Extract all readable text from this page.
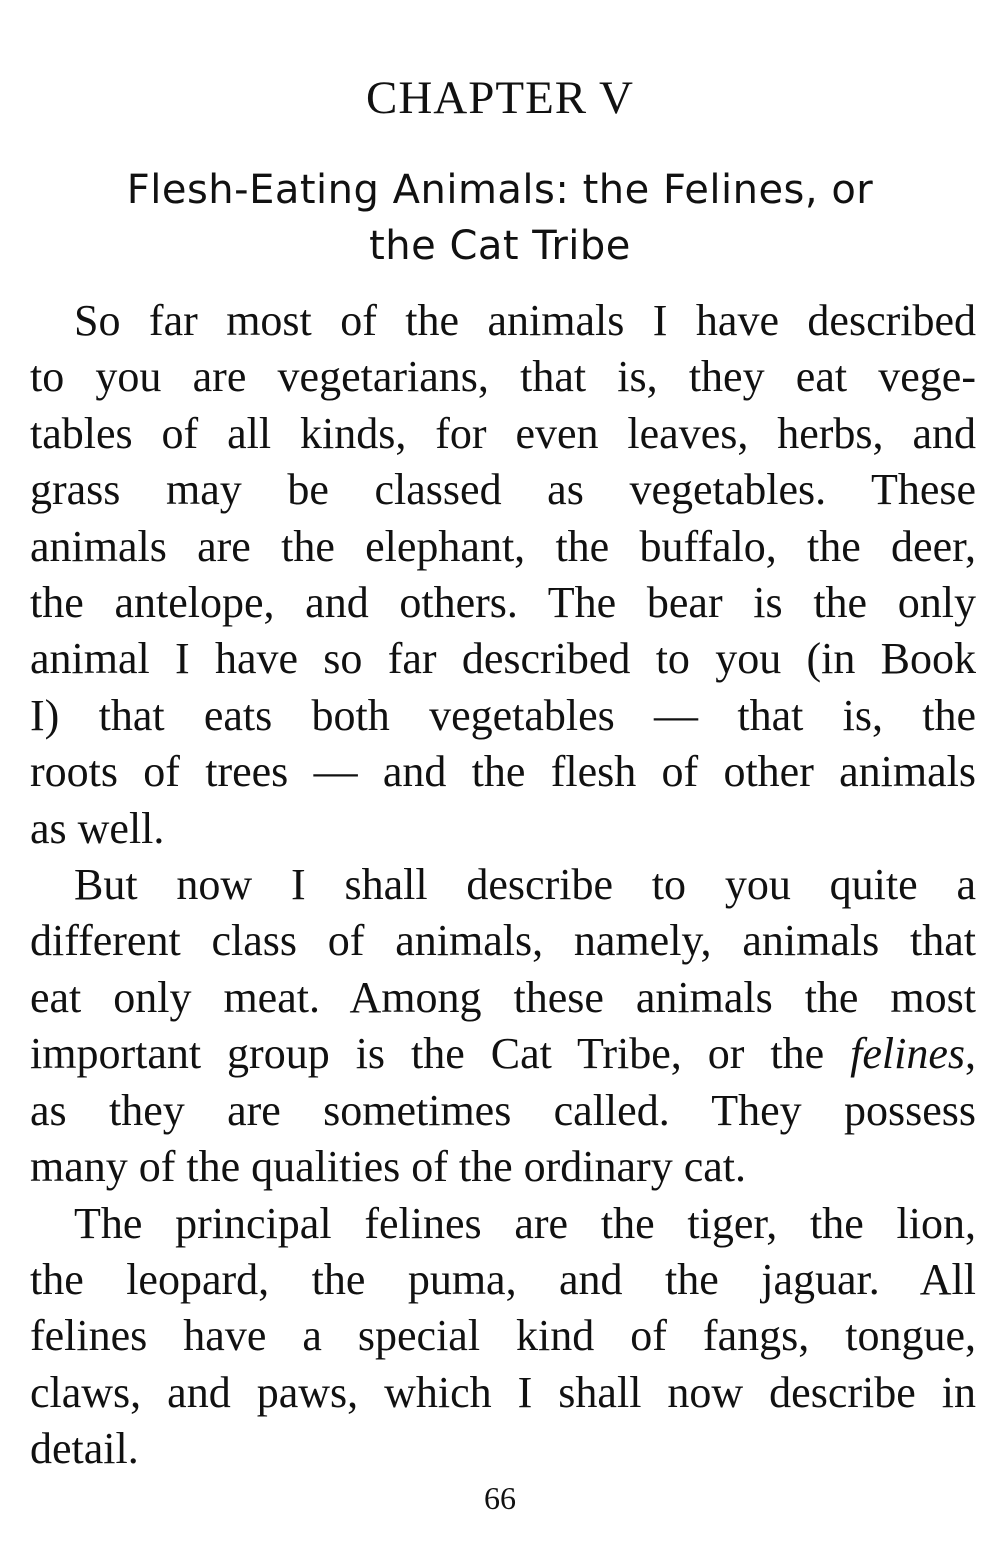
CHAPTER V
Flesh-Eating Animals: the Felines, or
the Cat Tribe
So far most of the animals I have described
to you are vegetarians, that is, they eat vege-
tables of all kinds, for even leaves, herbs, and
grass may be classed as vegetables. These
animals are the elephant, the buffalo, the deer,
the antelope, and others. The bear is the only
animal I have so far described to you (in Book
I) that eats both vegetables — that is, the
roots of trees — and the flesh of other animals
as well.
But now I shall describe to you quite a
different class of animals, namely, animals that
eat only meat. Among these animals the most
important group is the Cat Tribe, or the felines,
as they are sometimes called. They possess
many of the qualities of the ordinary cat.
The principal felines are the tiger, the lion,
the leopard, the puma, and the jaguar. All
felines have a special kind of fangs, tongue,
claws, and paws, which I shall now describe in
detail.
66
